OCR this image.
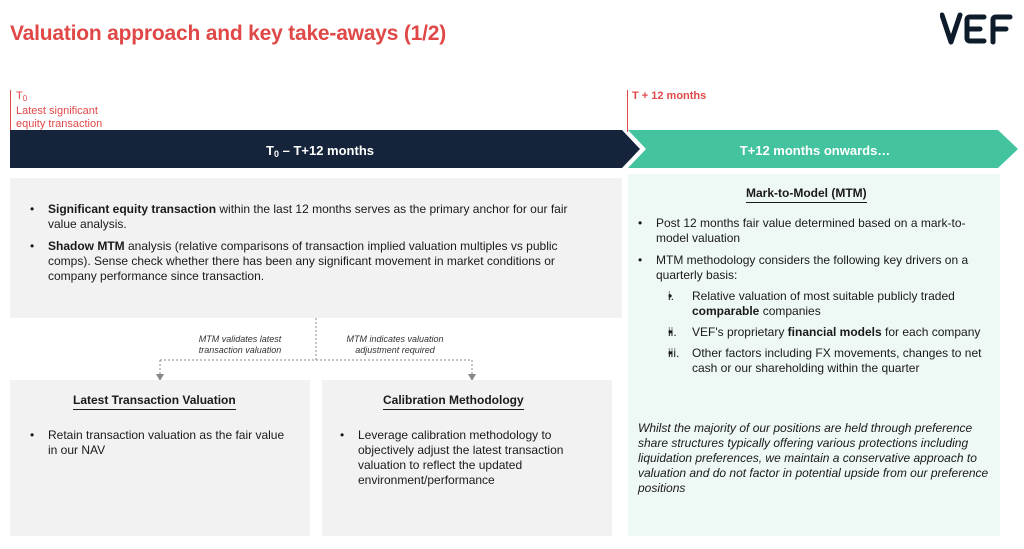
Valuation approach and key take-aways (1/2)
$T_0$
Latest significant
equity transaction
T + 12 months
$T_0 - T+12$ months	T+12 months onwards…
• Significant equity transaction within the last 12 months serves as the primary anchor for our fair value analysis.
• Shadow MTM analysis (relative comparisons of transaction implied valuation multiples vs public comps). Sense check whether there has been any significant movement in market conditions or company performance since transaction.
MTM validates latest
transaction valuation
MTM indicates valuation
adjustment required
Latest Transaction Valuation
• Retain transaction valuation as the fair value in our NAV
Calibration Methodology
• Leverage calibration methodology to objectively adjust the latest transaction valuation to reflect the updated environment/performance
Mark-to-Model (MTM)
• Post 12 months fair value determined based on a mark-to-model valuation
• MTM methodology considers the following key drivers on a quarterly basis:
• i. Relative valuation of most suitable publicly traded comparable companies
• ii. VEF's proprietary financial models for each company
• iii. Other factors including FX movements, changes to net cash or our shareholding within the quarter
Whilst the majority of our positions are held through preference share structures typically offering various protections including liquidation preferences, we maintain a conservative approach to valuation and do not factor in potential upside from our preference positions
